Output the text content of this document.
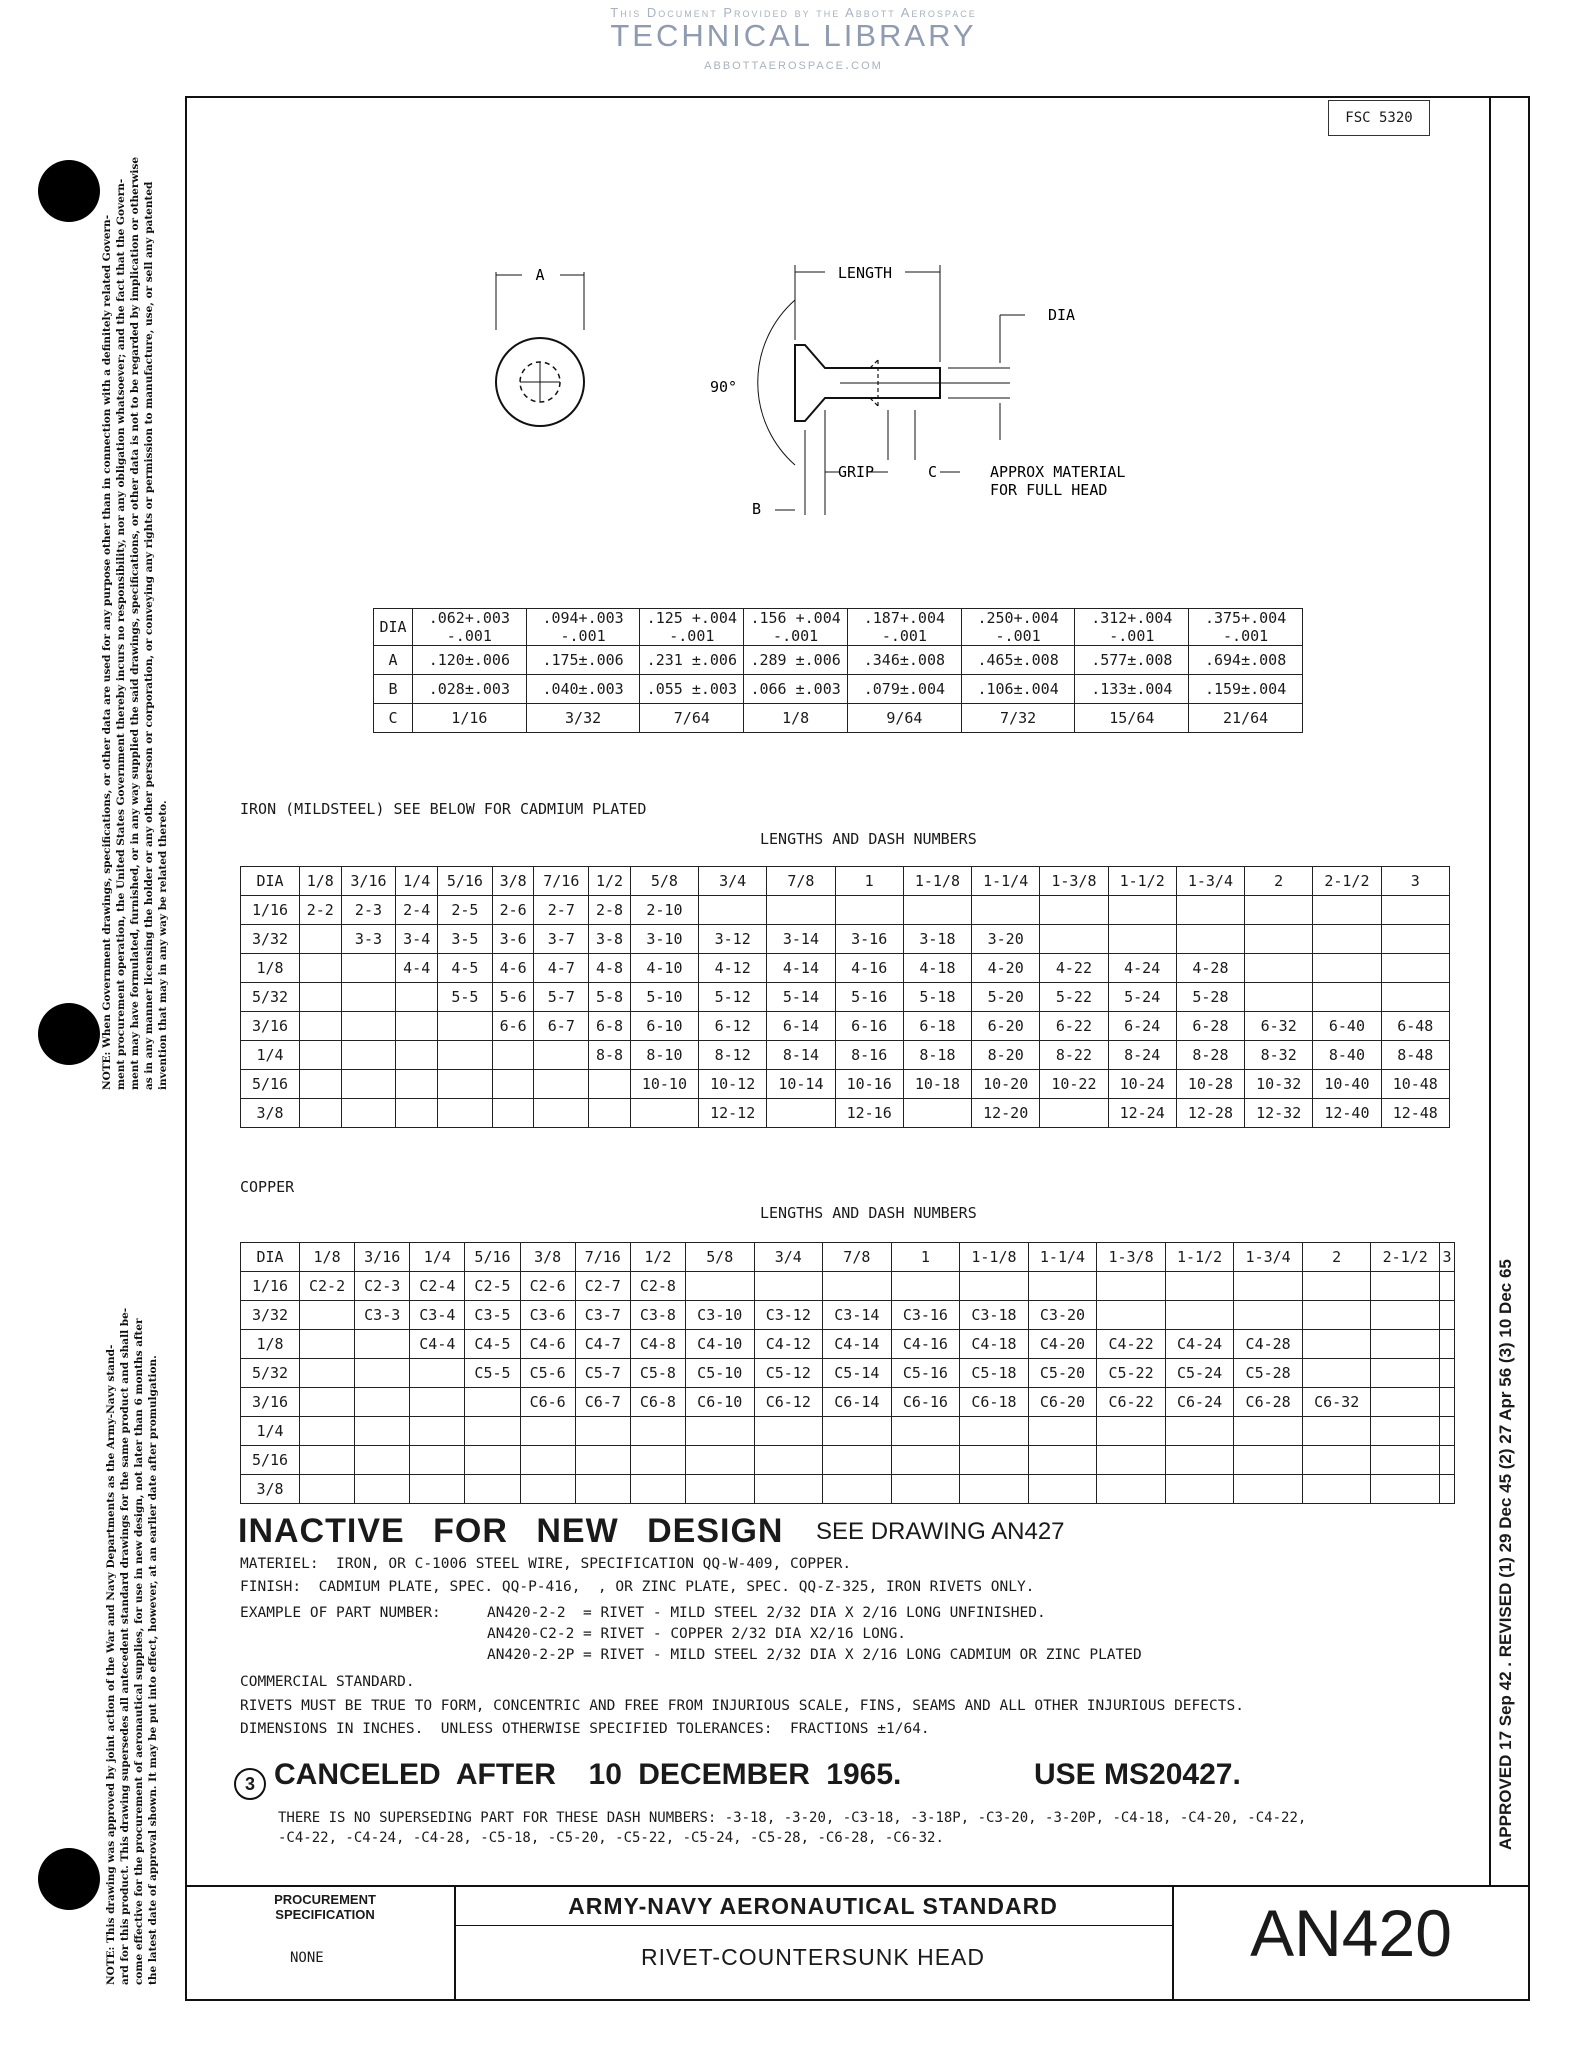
This Document Provided by the Abbott Aerospace
TECHNICAL LIBRARY
abbottaerospace.com
NOTE: When Government drawings, specifications, or other data are used for any purpose other than in connection with a definitely related Govern- ment procurement operation, the United States Government thereby incurs no responsibility, nor any obligation whatsoever; and the fact that the Govern- ment may have formulated, furnished, or in any way supplied the said drawings, specifications, or other data is not to be regarded by implication or otherwise as in any manner licensing the holder or any other person or corporation, or conveying any rights or permission to manufacture, use, or sell any patented invention that may in any way be related thereto.
NOTE: This drawing was approved by joint action of the War and Navy Departments as the Army-Navy stand- ard for this product. This drawing supersedes all antecedent standard drawings for the same product and shall be- come effective for the procurement of aeronautical supplies, for use in new design, not later than 6 months after the latest date of approval shown. It may be put into effect, however, at an earlier date after promulgation.
FSC 5320
APPROVED 17 Sep 42 . REVISED (1) 29 Dec 45 (2) 27 Apr 56 (3) 10 Dec 65
A	LENGTH
DIA
90°
GRIP	C	APPROX MATERIAL
FOR FULL HEAD
B
DIA	.062+.003 -.001	.094+.003 -.001	.125 +.004 -.001	.156 +.004 -.001	.187+.004 -.001	.250+.004 -.001	.312+.004 -.001	.375+.004 -.001
A	.120±.006	.175±.006	.231 ±.006	.289 ±.006	.346±.008	.465±.008	.577±.008	.694±.008
B	.028±.003	.040±.003	.055 ±.003	.066 ±.003	.079±.004	.106±.004	.133±.004	.159±.004
C	1/16	3/32	7/64	1/8	9/64	7/32	15/64	21/64
IRON (MILDSTEEL) SEE BELOW FOR CADMIUM PLATED
LENGTHS AND DASH NUMBERS
DIA	1/8	3/16	1/4	5/16	3/8	7/16	1/2	5/8	3/4	7/8	1	1-1/8	1-1/4	1-3/8	1-1/2	1-3/4	2	2-1/2	3
1/16	2-2	2-3	2-4	2-5	2-6	2-7	2-8	2-10											
3/32		3-3	3-4	3-5	3-6	3-7	3-8	3-10	3-12	3-14	3-16	3-18	3-20						
1/8			4-4	4-5	4-6	4-7	4-8	4-10	4-12	4-14	4-16	4-18	4-20	4-22	4-24	4-28			
5/32				5-5	5-6	5-7	5-8	5-10	5-12	5-14	5-16	5-18	5-20	5-22	5-24	5-28			
3/16					6-6	6-7	6-8	6-10	6-12	6-14	6-16	6-18	6-20	6-22	6-24	6-28	6-32	6-40	6-48
1/4							8-8	8-10	8-12	8-14	8-16	8-18	8-20	8-22	8-24	8-28	8-32	8-40	8-48
5/16								10-10	10-12	10-14	10-16	10-18	10-20	10-22	10-24	10-28	10-32	10-40	10-48
3/8									12-12		12-16		12-20		12-24	12-28	12-32	12-40	12-48
COPPER
LENGTHS AND DASH NUMBERS
DIA	1/8	3/16	1/4	5/16	3/8	7/16	1/2	5/8	3/4	7/8	1	1-1/8	1-1/4	1-3/8	1-1/2	1-3/4	2	2-1/2	3
1/16	C2-2	C2-3	C2-4	C2-5	C2-6	C2-7	C2-8												
3/32		C3-3	C3-4	C3-5	C3-6	C3-7	C3-8	C3-10	C3-12	C3-14	C3-16	C3-18	C3-20						
1/8			C4-4	C4-5	C4-6	C4-7	C4-8	C4-10	C4-12	C4-14	C4-16	C4-18	C4-20	C4-22	C4-24	C4-28			
5/32				C5-5	C5-6	C5-7	C5-8	C5-10	C5-12	C5-14	C5-16	C5-18	C5-20	C5-22	C5-24	C5-28			
3/16					C6-6	C6-7	C6-8	C6-10	C6-12	C6-14	C6-16	C6-18	C6-20	C6-22	C6-24	C6-28	C6-32		
1/4																			
5/16																			
3/8																			
INACTIVE FOR NEW DESIGN SEE DRAWING AN427
MATERIEL:  IRON, OR C-1006 STEEL WIRE, SPECIFICATION QQ-W-409, COPPER.
FINISH:  CADMIUM PLATE, SPEC. QQ-P-416,  , OR ZINC PLATE, SPEC. QQ-Z-325, IRON RIVETS ONLY.
EXAMPLE OF PART NUMBER:	AN420-2-2  = RIVET - MILD STEEL 2/32 DIA X 2/16 LONG UNFINISHED.
AN420-C2-2 = RIVET - COPPER 2/32 DIA X2/16 LONG.
AN420-2-2P = RIVET - MILD STEEL 2/32 DIA X 2/16 LONG CADMIUM OR ZINC PLATED
COMMERCIAL STANDARD.
RIVETS MUST BE TRUE TO FORM, CONCENTRIC AND FREE FROM INJURIOUS SCALE, FINS, SEAMS AND ALL OTHER INJURIOUS DEFECTS.
DIMENSIONS IN INCHES.  UNLESS OTHERWISE SPECIFIED TOLERANCES:  FRACTIONS ±1/64.
3 CANCELED AFTER  10 DECEMBER 1965.	USE MS20427.
THERE IS NO SUPERSEDING PART FOR THESE DASH NUMBERS: -3-18, -3-20, -C3-18, -3-18P, -C3-20, -3-20P, -C4-18, -C4-20, -C4-22,
-C4-22, -C4-24, -C4-28, -C5-18, -C5-20, -C5-22, -C5-24, -C5-28, -C6-28, -C6-32.
PROCUREMENT SPECIFICATION
NONE
ARMY-NAVY AERONAUTICAL STANDARD
RIVET-COUNTERSUNK HEAD	AN420
